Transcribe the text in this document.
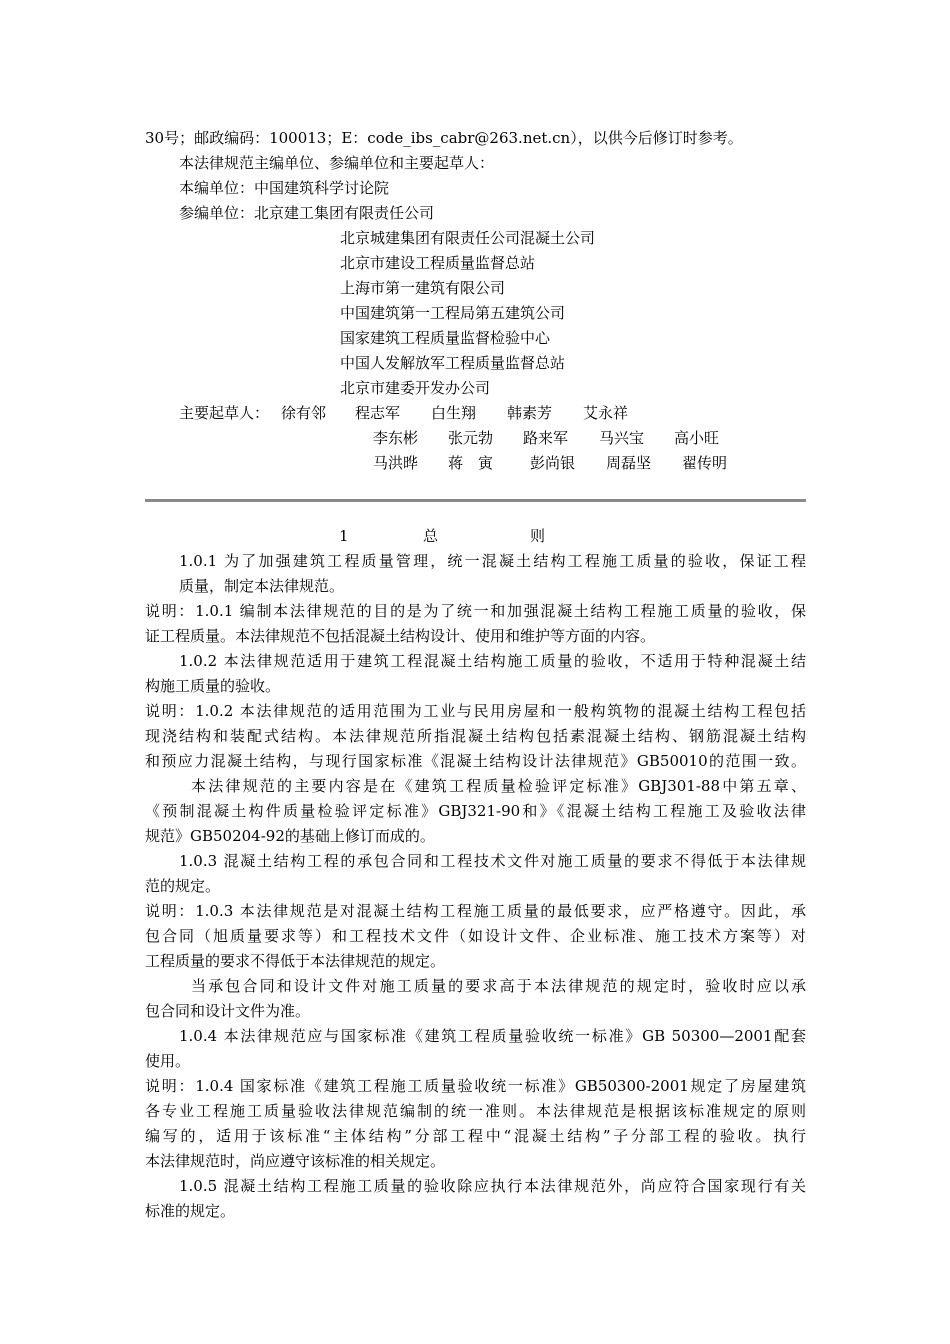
30号；邮政编码：100013；E：code_ibs_cabr@263.net.cn），以供今后修订时参考。
本法律规范主编单位、参编单位和主要起草人：
本编单位：中国建筑科学讨论院
参编单位：北京建工集团有限责任公司
北京城建集团有限责任公司混凝土公司
北京市建设工程质量监督总站
上海市第一建筑有限公司
中国建筑第一工程局第五建筑公司
国家建筑工程质量监督检验中心
中国人发解放军工程质量监督总站
北京市建委开发办公司
主要起草人： 徐有邻 程志军 白生翔 韩素芳 艾永祥
李东彬 张元勃 路来军 马兴宝 高小旺
马洪晔 蒋　寅 彭尚银 周磊坚 翟传明
1	总	则
1.0.1 为了加强建筑工程质量管理，统一混凝土结构工程施工质量的验收，保证工程
质量，制定本法律规范。
说明：1.0.1 编制本法律规范的目的是为了统一和加强混凝土结构工程施工质量的验收，保
证工程质量。本法律规范不包括混凝土结构设计、使用和维护等方面的内容。
1.0.2 本法律规范适用于建筑工程混凝土结构施工质量的验收，不适用于特种混凝土结
构施工质量的验收。
说明：1.0.2 本法律规范的适用范围为工业与民用房屋和一般构筑物的混凝土结构工程包括
现浇结构和装配式结构。本法律规范所指混凝土结构包括素混凝土结构、钢筋混凝土结构
和预应力混凝土结构，与现行国家标准《混凝土结构设计法律规范》GB50010的范围一致。
本法律规范的主要内容是在《建筑工程质量检验评定标准》GBJ301-88中第五章、
《预制混凝土构件质量检验评定标准》GBJ321-90和》《混凝土结构工程施工及验收法律
规范》GB50204-92的基础上修订而成的。
1.0.3 混凝土结构工程的承包合同和工程技术文件对施工质量的要求不得低于本法律规
范的规定。
说明：1.0.3 本法律规范是对混凝土结构工程施工质量的最低要求，应严格遵守。因此，承
包合同（旭质量要求等）和工程技术文件（如设计文件、企业标准、施工技术方案等）对
工程质量的要求不得低于本法律规范的规定。
当承包合同和设计文件对施工质量的要求高于本法律规范的规定时，验收时应以承
包合同和设计文件为准。
1.0.4 本法律规范应与国家标准《建筑工程质量验收统一标准》GB 50300—2001配套
使用。
说明：1.0.4 国家标准《建筑工程施工质量验收统一标准》GB50300-2001规定了房屋建筑
各专业工程施工质量验收法律规范编制的统一准则。本法律规范是根据该标准规定的原则
编写的，适用于该标准“主体结构”分部工程中“混凝土结构”子分部工程的验收。执行
本法律规范时，尚应遵守该标准的相关规定。
1.0.5 混凝土结构工程施工质量的验收除应执行本法律规范外，尚应符合国家现行有关
标准的规定。
